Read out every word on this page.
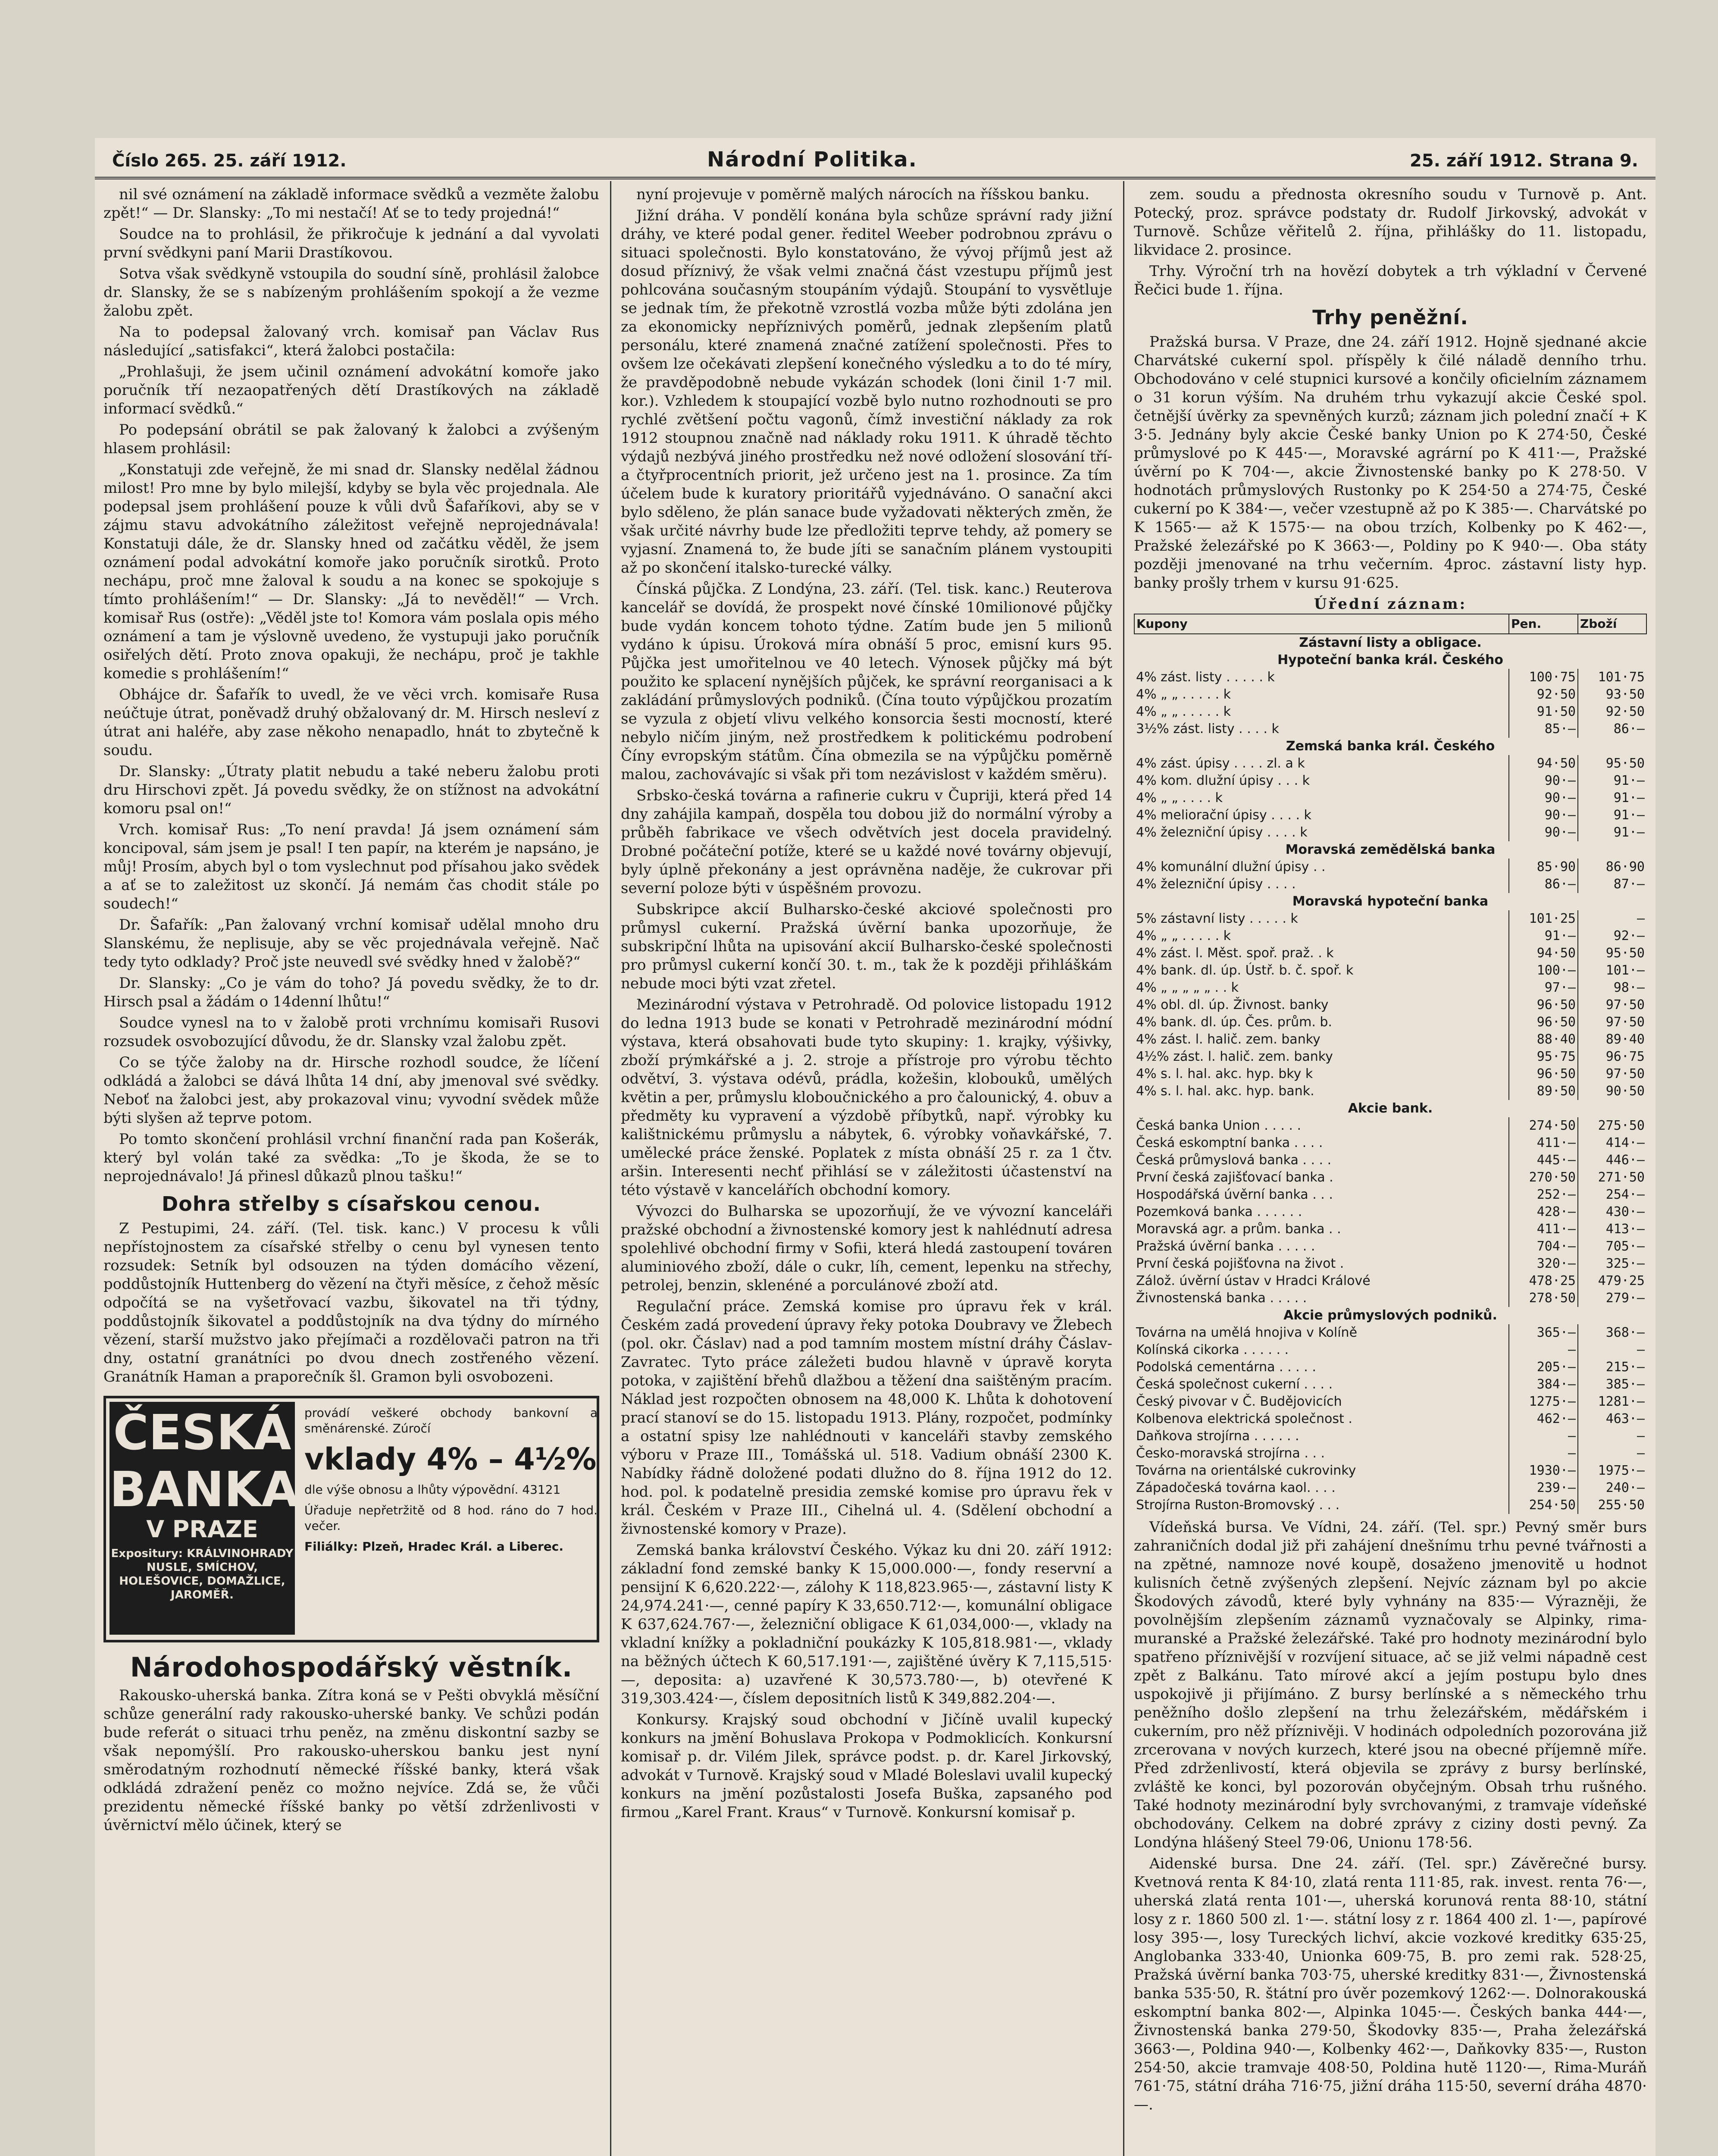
Číslo 265. 25. září 1912.	Národní Politika.	25. září 1912. Strana 9.

nil své oznámení na základě informace svědků a vezměte žalobu zpět!“ — Dr. Slansky: „To mi nestačí! Ať se to tedy projedná!“

Soudce na to prohlásil, že přikročuje k jednání a dal vyvolati první svědkyni paní Marii Drastíkovou.

Sotva však svědkyně vstoupila do soudní síně, prohlásil žalobce dr. Slansky, že se s nabízeným prohlášením spokojí a že vezme žalobu zpět.

Na to podepsal žalovaný vrch. komisař pan Václav Rus následující „satisfakci“, která žalobci postačila:

„Prohlašuji, že jsem učinil oznámení advokátní komoře jako poručník tří nezaopatřených dětí Drastíkových na základě informací svědků.“

Po podepsání obrátil se pak žalovaný k žalobci a zvýšeným hlasem prohlásil:

„Konstatuji zde veřejně, že mi snad dr. Slansky nedělal žádnou milost! Pro mne by bylo milejší, kdyby se byla věc projednala. Ale podepsal jsem prohlášení pouze k vůli dvů Šafaříkovi, aby se v zájmu stavu advokátního záležitost veřejně neprojednávala! Konstatuji dále, že dr. Slansky hned od začátku věděl, že jsem oznámení podal advokátní komoře jako poručník sirotků. Proto nechápu, proč mne žaloval k soudu a na konec se spokojuje s tímto prohlášením!“ — Dr. Slansky: „Já to nevěděl!“ — Vrch. komisař Rus (ostře): „Věděl jste to! Komora vám poslala opis mého oznámení a tam je výslovně uvedeno, že vystupuji jako poručník osiřelých dětí. Proto znova opakuji, že nechápu, proč je takhle komedie s prohlášením!“

Obhájce dr. Šafařík to uvedl, že ve věci vrch. komisaře Rusa neúčtuje útrat, poněvadž druhý obžalovaný dr. M. Hirsch nesleví z útrat ani haléře, aby zase někoho nenapadlo, hnát to zbytečně k soudu.

Dr. Slansky: „Útraty platit nebudu a také neberu žalobu proti dru Hirschovi zpět. Já povedu svědky, že on stížnost na advokátní komoru psal on!“

Vrch. komisař Rus: „To není pravda! Já jsem oznámení sám koncipoval, sám jsem je psal! I ten papír, na kterém je napsáno, je můj! Prosím, abych byl o tom vyslechnut pod přísahou jako svědek a ať se to zaležitost uz skončí. Já nemám čas chodit stále po soudech!“

Dr. Šafařík: „Pan žalovaný vrchní komisař udělal mnoho dru Slanskému, že neplisuje, aby se věc projednávala veřejně. Nač tedy tyto odklady? Proč jste neuvedl své svědky hned v žalobě?“

Dr. Slansky: „Co je vám do toho? Já povedu svědky, že to dr. Hirsch psal a žádám o 14denní lhůtu!“

Soudce vynesl na to v žalobě proti vrchnímu komisaři Rusovi rozsudek osvobozující důvodu, že dr. Slansky vzal žalobu zpět.

Co se týče žaloby na dr. Hirsche rozhodl soudce, že líčení odkládá a žalobci se dává lhůta 14 dní, aby jmenoval své svědky. Neboť na žalobci jest, aby prokazoval vinu; vyvodní svědek může býti slyšen až teprve potom.

Po tomto skončení prohlásil vrchní finanční rada pan Košerák, který byl volán také za svědka: „To je škoda, že se to neprojednávalo! Já přinesl důkazů plnou tašku!“

Dohra střelby s císařskou cenou.

Z Pestupimi, 24. září. (Tel. tisk. kanc.) V procesu k vůli nepřístojnostem za císařské střelby o cenu byl vynesen tento rozsudek: Setník byl odsouzen na týden domácího vězení, poddůstojník Huttenberg do vězení na čtyři měsíce, z čehož měsíc odpočítá se na vyšetřovací vazbu, šikovatel na tři týdny, poddůstojník šikovatel a poddůstojník na dva týdny do mírného vězení, starší mužstvo jako přejímači a rozdělovači patron na tři dny, ostatní granátníci po dvou dnech zostřeného vězení. Granátník Haman a praporečník šl. Gramon byli osvobozeni.

ČESKÁ
BANKA
V PRAZE
Expositury: KRÁLVINOHRADY NUSLE, SMÍCHOV, HOLEŠOVICE, DOMAŽLICE, JAROMĚŘ.
provádí veškeré obchody bankovní a směnárenské. Zúročí
vklady 4% – 4½%
dle výše obnosu a lhůty výpovědní. 43121
Úřaduje nepřetržitě od 8 hod. ráno do 7 hod. večer.
Filiálky: Plzeň, Hradec Král. a Liberec.
Národohospodářský věstník.

Rakousko-uherská banka. Zítra koná se v Pešti obvyklá měsíční schůze generální rady rakousko-uherské banky. Ve schůzi podán bude referát o situaci trhu peněz, na změnu diskontní sazby se však nepomýšlí. Pro rakousko-uherskou banku jest nyní směrodatným rozhodnutí německé říšské banky, která však odkládá zdražení peněz co možno nejvíce. Zdá se, že vůči prezidentu německé říšské banky po větší zdrženlivosti v úvěrnictví mělo účinek, který se

nyní projevuje v poměrně malých nárocích na říšskou banku.

Jižní dráha. V pondělí konána byla schůze správní rady jižní dráhy, ve které podal gener. ředitel Weeber podrobnou zprávu o situaci společnosti. Bylo konstatováno, že vývoj příjmů jest až dosud příznivý, že však velmi značná část vzestupu příjmů jest pohlcována současným stoupáním výdajů. Stoupání to vysvětluje se jednak tím, že překotně vzrostlá vozba může býti zdolána jen za ekonomicky nepříznivých poměrů, jednak zlepšením platů personálu, které znamená značné zatížení společnosti. Přes to ovšem lze očekávati zlepšení konečného výsledku a to do té míry, že pravděpodobně nebude vykázán schodek (loni činil 1·7 mil. kor.). Vzhledem k stoupající vozbě bylo nutno rozhodnouti se pro rychlé zvětšení počtu vagonů, čímž investiční náklady za rok 1912 stoupnou značně nad náklady roku 1911. K úhradě těchto výdajů nezbývá jiného prostředku než nové odložení slosování tří- a čtyřprocentních priorit, jež určeno jest na 1. prosince. Za tím účelem bude k kuratory prioritářů vyjednáváno. O sanační akci bylo sděleno, že plán sanace bude vyžadovati některých změn, že však určité návrhy bude lze předložiti teprve tehdy, až pomery se vyjasní. Znamená to, že bude jíti se sanačním plánem vystoupiti až po skončení italsko-turecké války.

Čínská půjčka. Z Londýna, 23. září. (Tel. tisk. kanc.) Reuterova kancelář se dovídá, že prospekt nové čínské 10milionové půjčky bude vydán koncem tohoto týdne. Zatím bude jen 5 milionů vydáno k úpisu. Úroková míra obnáší 5 proc, emisní kurs 95. Půjčka jest umořitelnou ve 40 letech. Výnosek půjčky má být použito ke splacení nynějších půjček, ke správní reorganisaci a k zakládání průmyslových podniků. (Čína touto výpůjčkou prozatím se vyzula z objetí vlivu velkého konsorcia šesti mocností, které nebylo ničím jiným, než prostředkem k politickému podrobení Číny evropským státům. Čína obmezila se na výpůjčku poměrně malou, zachovávajíc si však při tom nezávislost v každém směru).

Srbsko-česká továrna a rafinerie cukru v Čupriji, která před 14 dny zahájila kampaň, dospěla tou dobou již do normální výroby a průběh fabrikace ve všech odvětvích jest docela pravidelný. Drobné počáteční potíže, které se u každé nové továrny objevují, byly úplně překonány a jest oprávněna naděje, že cukrovar při severní poloze býti v úspěšném provozu.

Subskripce akcií Bulharsko-české akciové společnosti pro průmysl cukerní. Pražská úvěrní banka upozorňuje, že subskripční lhůta na upisování akcií Bulharsko-české společnosti pro průmysl cukerní končí 30. t. m., tak že k později přihláškám nebude moci býti vzat zřetel.

Mezinárodní výstava v Petrohradě. Od polovice listopadu 1912 do ledna 1913 bude se konati v Petrohradě mezinárodní módní výstava, která obsahovati bude tyto skupiny: 1. krajky, výšivky, zboží prýmkářské a j. 2. stroje a přístroje pro výrobu těchto odvětví, 3. výstava odévů, prádla, kožešin, klobouků, umělých květin a per, průmyslu kloboučnického a pro čalounický, 4. obuv a předměty ku vypravení a výzdobě příbytků, např. výrobky ku kalištnickému průmyslu a nábytek, 6. výrobky voňavkářské, 7. umělecké práce ženské. Poplatek z místa obnáší 25 r. za 1 čtv. aršin. Interesenti nechť přihlásí se v záležitosti účastenství na této výstavě v kancelářích obchodní komory.

Vývozci do Bulharska se upozorňují, že ve vývozní kanceláři pražské obchodní a živnostenské komory jest k nahlédnutí adresa spolehlivé obchodní firmy v Sofii, která hledá zastoupení továren aluminiového zboží, dále o cukr, líh, cement, lepenku na střechy, petrolej, benzin, sklenéné a porculánové zboží atd.

Regulační práce. Zemská komise pro úpravu řek v král. Českém zadá provedení úpravy řeky potoka Doubravy ve Žlebech (pol. okr. Čáslav) nad a pod tamním mostem místní dráhy Čáslav-Zavratec. Tyto práce záležeti budou hlavně v úpravě koryta potoka, v zajištění břehů dlažbou a těžení dna saištěným pracím. Náklad jest rozpočten obnosem na 48,000 K. Lhůta k dohotovení prací stanoví se do 15. listopadu 1913. Plány, rozpočet, podmínky a ostatní spisy lze nahlédnouti v kanceláři stavby zemského výboru v Praze III., Tomášská ul. 518. Vadium obnáší 2300 K. Nabídky řádně doložené podati dlužno do 8. října 1912 do 12. hod. pol. k podatelně presidia zemské komise pro úpravu řek v král. Českém v Praze III., Cihelná ul. 4. (Sdělení obchodní a živnostenské komory v Praze).

Zemská banka království Českého. Výkaz ku dni 20. září 1912: základní fond zemské banky K 15,000.000·—, fondy reservní a pensijní K 6,620.222·—, zálohy K 118,823.965·—, zástavní listy K 24,974.241·—, cenné papíry K 33,650.712·—, komunální obligace K 637,624.767·—, železniční obligace K 61,034,000·—, vklady na vkladní knížky a pokladniční poukázky K 105,818.981·—, vklady na běžných účtech K 60,517.191·—, zajištěné úvěry K 7,115,515·—, deposita: a) uzavřené K 30,573.780·—, b) otevřené K 319,303.424·—, číslem depositních listů K 349,882.204·—.

Konkursy. Krajský soud obchodní v Jičíně uvalil kupecký konkurs na jmění Bohuslava Prokopa v Podmoklicích. Konkursní komisař p. dr. Vilém Jilek, správce podst. p. dr. Karel Jirkovský, advokát v Turnově. Krajský soud v Mladé Boleslavi uvalil kupecký konkurs na jmění pozůstalosti Josefa Buška, zapsaného pod firmou „Karel Frant. Kraus“ v Turnově. Konkursní komisař p.

zem. soudu a přednosta okresního soudu v Turnově p. Ant. Potecký, proz. správce podstaty dr. Rudolf Jirkovský, advokát v Turnově. Schůze věřitelů 2. října, přihlášky do 11. listopadu, likvidace 2. prosince.

Trhy. Výroční trh na hovězí dobytek a trh výkladní v Červené Řečici bude 1. října.

Trhy peněžní.

Pražská bursa. V Praze, dne 24. září 1912. Hojně sjednané akcie Charvátské cukerní spol. příspěly k čilé náladě denního trhu. Obchodováno v celé stupnici kursové a končily oficielním záznamem o 31 korun výším. Na druhém trhu vykazují akcie České spol. četnější úvěrky za spevněných kurzů; záznam jich polední značí + K 3·5. Jednány byly akcie České banky Union po K 274·50, České průmyslové po K 445·—, Moravské agrární po K 411·—, Pražské úvěrní po K 704·—, akcie Živnostenské banky po K 278·50. V hodnotách průmyslových Rustonky po K 254·50 a 274·75, České cukerní po K 384·—, večer vzestupně až po K 385·—. Charvátské po K 1565·— až K 1575·— na obou trzích, Kolbenky po K 462·—, Pražské železářské po K 3663·—, Poldiny po K 940·—. Oba státy později jmenované na trhu večerním. 4proc. zástavní listy hyp. banky prošly trhem v kursu 91·625.

Úřední záznam:
Kupony	Pen.	Zboží
Zástavní listy a obligace.		
Hypoteční banka král. Českého		
4% zást. listy . . . . . k	100·75	101·75
4% „ „ . . . . . k	92·50	93·50
4% „ „ . . . . . k	91·50	92·50
3½% zást. listy . . . . k	85·—	86·—
Zemská banka král. Českého		
4% zást. úpisy . . . . zl. a k	94·50	95·50
4% kom. dlužní úpisy . . . k	90·—	91·—
4% „ „ . . . . k	90·—	91·—
4% meliorační úpisy . . . . k	90·—	91·—
4% železniční úpisy . . . . k	90·—	91·—
Moravská zemědělská banka		
4% komunální dlužní úpisy . .	85·90	86·90
4% železniční úpisy . . . .	86·—	87·—
Moravská hypoteční banka		
5% zástavní listy . . . . . k	101·25	—
4% „ „ . . . . . k	91·—	92·—
4% zást. l. Měst. spoř. praž. . k	94·50	95·50
4% bank. dl. úp. Ústř. b. č. spoř. k	100·—	101·—
4% „ „ „ „ „ . . k	97·—	98·—
4% obl. dl. úp. Živnost. banky	96·50	97·50
4% bank. dl. úp. Čes. prům. b.	96·50	97·50
4% zást. l. halič. zem. banky	88·40	89·40
4½% zást. l. halič. zem. banky	95·75	96·75
4% s. l. hal. akc. hyp. bky k	96·50	97·50
4% s. l. hal. akc. hyp. bank.	89·50	90·50
Akcie bank.		
Česká banka Union . . . . .	274·50	275·50
Česká eskomptní banka . . . .	411·—	414·—
Česká průmyslová banka . . . .	445·—	446·—
První česká zajišťovací banka .	270·50	271·50
Hospodářská úvěrní banka . . .	252·—	254·—
Pozemková banka . . . . . .	428·—	430·—
Moravská agr. a prům. banka . .	411·—	413·—
Pražská úvěrní banka . . . . .	704·—	705·—
První česká pojišťovna na život .	320·—	325·—
Zálož. úvěrní ústav v Hradci Králové	478·25	479·25
Živnostenská banka . . . . .	278·50	279·—
Akcie průmyslových podniků.		
Továrna na umělá hnojiva v Kolíně	365·—	368·—
Kolínská cikorka . . . . . .	—	—
Podolská cementárna . . . . .	205·—	215·—
Česká společnost cukerní . . . .	384·—	385·—
Český pivovar v Č. Budějovicích	1275·—	1281·—
Kolbenova elektrická společnost .	462·—	463·—
Daňkova strojírna . . . . . .	—	—
Česko-moravská strojírna . . .	—	—
Továrna na orientálské cukrovinky	1930·—	1975·—
Západočeská továrna kaol. . . .	239·—	240·—
Strojírna Ruston-Bromovský . . .	254·50	255·50

Vídeňská bursa. Ve Vídni, 24. září. (Tel. spr.) Pevný směr burs zahraničních dodal již při zahájení dnešnímu trhu pevné tvářnosti a na zpětné, namnoze nové koupě, dosaženo jmenovitě u hodnot kulisních četně zvýšených zlepšení. Nejvíc záznam byl po akcie Škodových závodů, které byly vyhnány na 835·— Výrazněji, že povolnějším zlepšením záznamů vyznačovaly se Alpinky, rima-muranské a Pražské železářské. Také pro hodnoty mezinárodní bylo spatřeno příznivější v rozvíjení situace, ač se již velmi nápadně cest zpět z Balkánu. Tato mírové akcí a jejím postupu bylo dnes uspokojivě ji přijímáno. Z bursy berlínské a s německého trhu peněžního došlo zlepšení na trhu železářském, mědářském i cukerním, pro něž příznivěji. V hodinách odpoledních pozorována již zrcerovana v nových kurzech, které jsou na obecné příjemně míře. Před zdrženlivostí, která objevila se zprávy z bursy berlínské, zvláště ke konci, byl pozorován obyčejným. Obsah trhu rušného. Také hodnoty mezinárodní byly svrchovanými, z tramvaje vídeňské obchodovány. Celkem na dobré zprávy z ciziny dosti pevný. Za Londýna hlášený Steel 79·06, Unionu 178·56.

Aidenské bursa. Dne 24. září. (Tel. spr.) Závěrečné bursy. Kvetnová renta K 84·10, zlatá renta 111·85, rak. invest. renta 76·—, uherská zlatá renta 101·—, uherská korunová renta 88·10, státní losy z r. 1860 500 zl. 1·—. státní losy z r. 1864 400 zl. 1·—, papírové losy 395·—, losy Tureckých lichví, akcie vozkové kreditky 635·25, Anglobanka 333·40, Unionka 609·75, B. pro zemi rak. 528·25, Pražská úvěrní banka 703·75, uherské kreditky 831·—, Živnostenská banka 535·50, R. štátní pro úvěr pozemkový 1262·—. Dolnorakouská eskomptní banka 802·—, Alpinka 1045·—. Českých banka 444·—, Živnostenská banka 279·50, Škodovky 835·—, Praha železářská 3663·—, Poldina 940·—, Kolbenky 462·—, Daňkovky 835·—, Ruston 254·50, akcie tramvaje 408·50, Poldina hutě 1120·—, Rima-Muráň 761·75, státní dráha 716·75, jižní dráha 115·50, severní dráha 4870·—.
